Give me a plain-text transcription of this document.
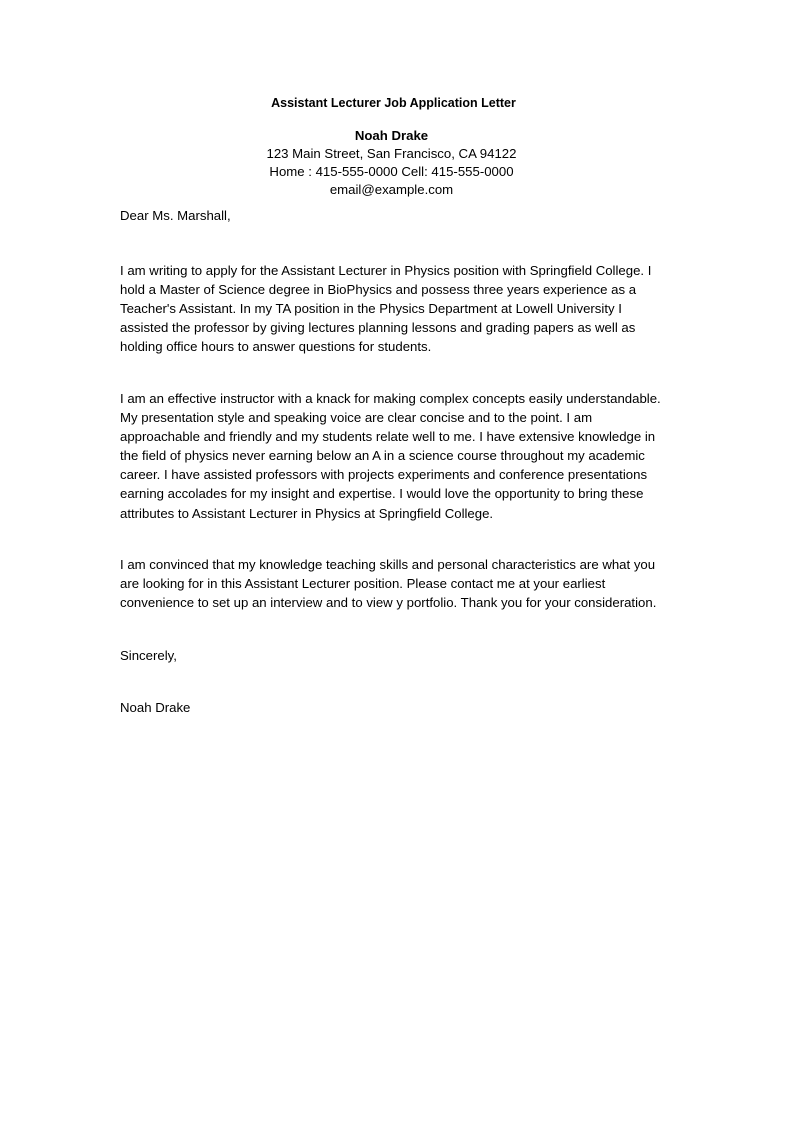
Assistant Lecturer Job Application Letter
Noah Drake
123 Main Street, San Francisco, CA 94122
Home : 415-555-0000 Cell: 415-555-0000
email@example.com
Dear Ms. Marshall,
I am writing to apply for the Assistant Lecturer in Physics position with Springfield College. I
hold a Master of Science degree in BioPhysics and possess three years experience as a
Teacher's Assistant. In my TA position in the Physics Department at Lowell University I
assisted the professor by giving lectures planning lessons and grading papers as well as
holding office hours to answer questions for students.
I am an effective instructor with a knack for making complex concepts easily understandable.
My presentation style and speaking voice are clear concise and to the point. I am
approachable and friendly and my students relate well to me. I have extensive knowledge in
the field of physics never earning below an A in a science course throughout my academic
career. I have assisted professors with projects experiments and conference presentations
earning accolades for my insight and expertise. I would love the opportunity to bring these
attributes to Assistant Lecturer in Physics at Springfield College.
I am convinced that my knowledge teaching skills and personal characteristics are what you
are looking for in this Assistant Lecturer position. Please contact me at your earliest
convenience to set up an interview and to view y portfolio. Thank you for your consideration.
Sincerely,
Noah Drake
